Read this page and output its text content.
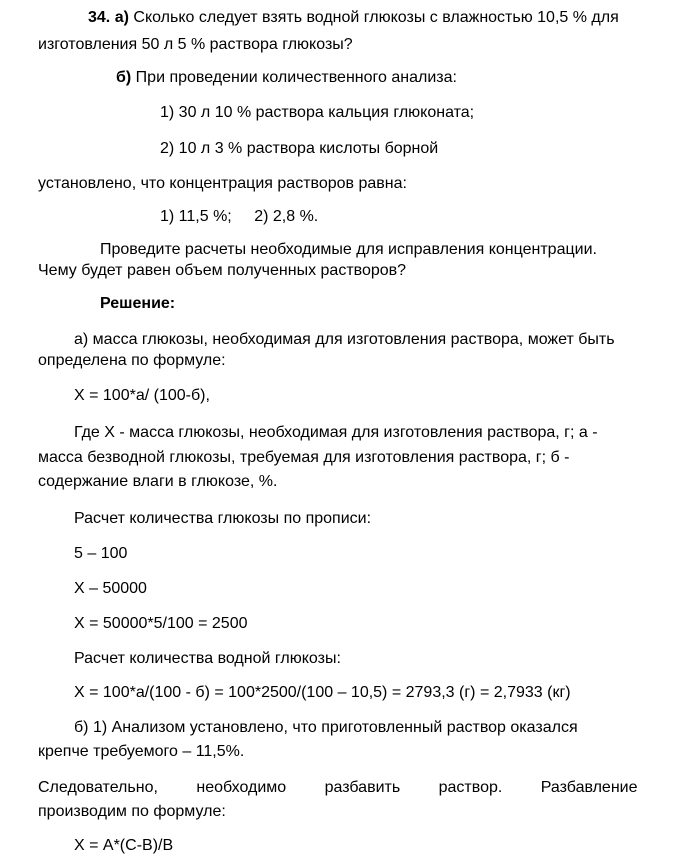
34. а) Сколько следует взять водной глюкозы с влажностью 10,5 % для
изготовления 50 л 5 % раствора глюкозы?
б) При проведении количественного анализа:
1) 30 л 10 % раствора кальция глюконата;
2) 10 л 3 % раствора кислоты борной
установлено, что концентрация растворов равна:
1) 11,5 %; 2) 2,8 %.
Проведите расчеты необходимые для исправления концентрации.
Чему будет равен объем полученных растворов?
Решение:
а) масса глюкозы, необходимая для изготовления раствора, может быть
определена по формуле:
Х = 100*а/ (100-б),
Где Х - масса глюкозы, необходимая для изготовления раствора, г; а -
масса безводной глюкозы, требуемая для изготовления раствора, г; б -
содержание влаги в глюкозе, %.
Расчет количества глюкозы по прописи:
5 – 100
Х – 50000
Х = 50000*5/100 = 2500
Расчет количества водной глюкозы:
Х = 100*а/(100 - б) = 100*2500/(100 – 10,5) = 2793,3 (г) = 2,7933 (кг)
б) 1) Анализом установлено, что приготовленный раствор оказался
крепче требуемого – 11,5%.
Следовательно, необходимо разбавить раствор. Разбавление
производим по формуле:
Х = А*(С-В)/В
